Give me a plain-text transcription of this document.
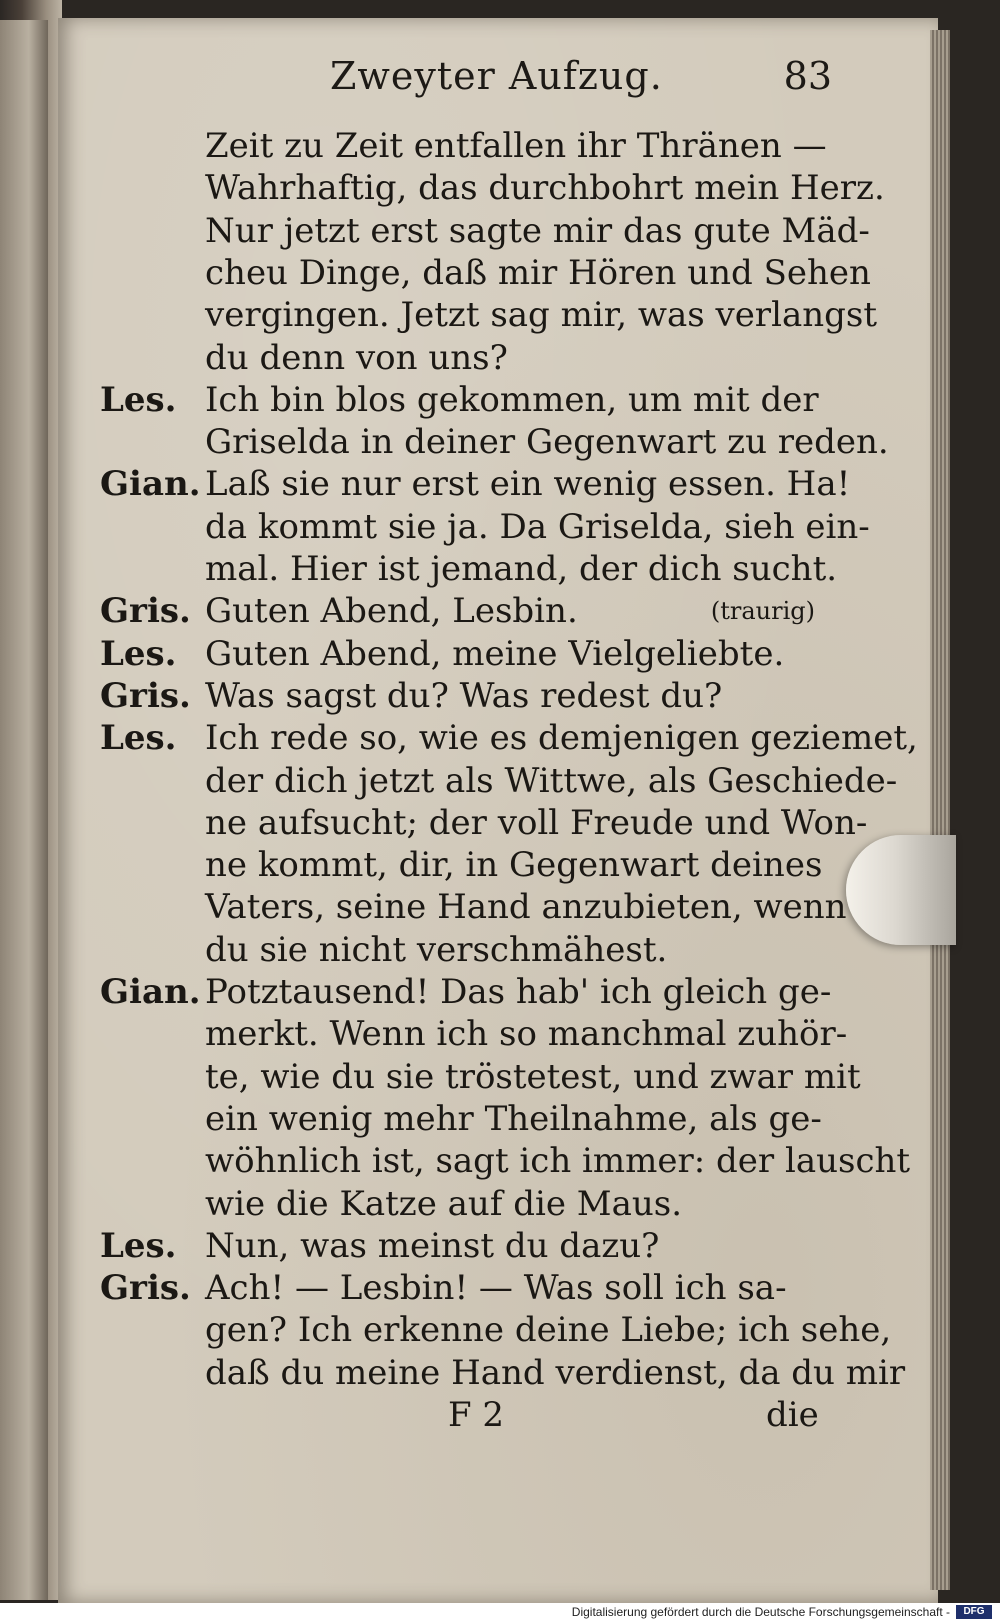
Zweyter Aufzug.	83
Zeit zu Zeit entfallen ihr Thränen —
Wahrhaftig, das durchbohrt mein Herz.
Nur jetzt erst sagte mir das gute Mäd-
cheu Dinge, daß mir Hören und Sehen
vergingen. Jetzt sag mir, was verlangst
du denn von uns?
Les. Ich bin blos gekommen, um mit der
Griselda in deiner Gegenwart zu reden.
Gian. Laß sie nur erst ein wenig essen. Ha!
da kommt sie ja. Da Griselda, sieh ein-
mal. Hier ist jemand, der dich sucht.
Gris. Guten Abend, Lesbin.	(traurig)
Les. Guten Abend, meine Vielgeliebte.
Gris. Was sagst du? Was redest du?
Les. Ich rede so, wie es demjenigen geziemet,
der dich jetzt als Wittwe, als Geschiede-
ne aufsucht; der voll Freude und Won-
ne kommt, dir, in Gegenwart deines
Vaters, seine Hand anzubieten, wenn
du sie nicht verschmähest.
Gian. Potztausend! Das hab' ich gleich ge-
merkt. Wenn ich so manchmal zuhör-
te, wie du sie tröstetest, und zwar mit
ein wenig mehr Theilnahme, als ge-
wöhnlich ist, sagt ich immer: der lauscht
wie die Katze auf die Maus.
Les. Nun, was meinst du dazu?
Gris. Ach! — Lesbin! — Was soll ich sa-
gen? Ich erkenne deine Liebe; ich sehe,
daß du meine Hand verdienst, da du mir
F 2	die
Digitalisierung gefördert durch die Deutsche Forschungsgemeinschaft -	DFG
